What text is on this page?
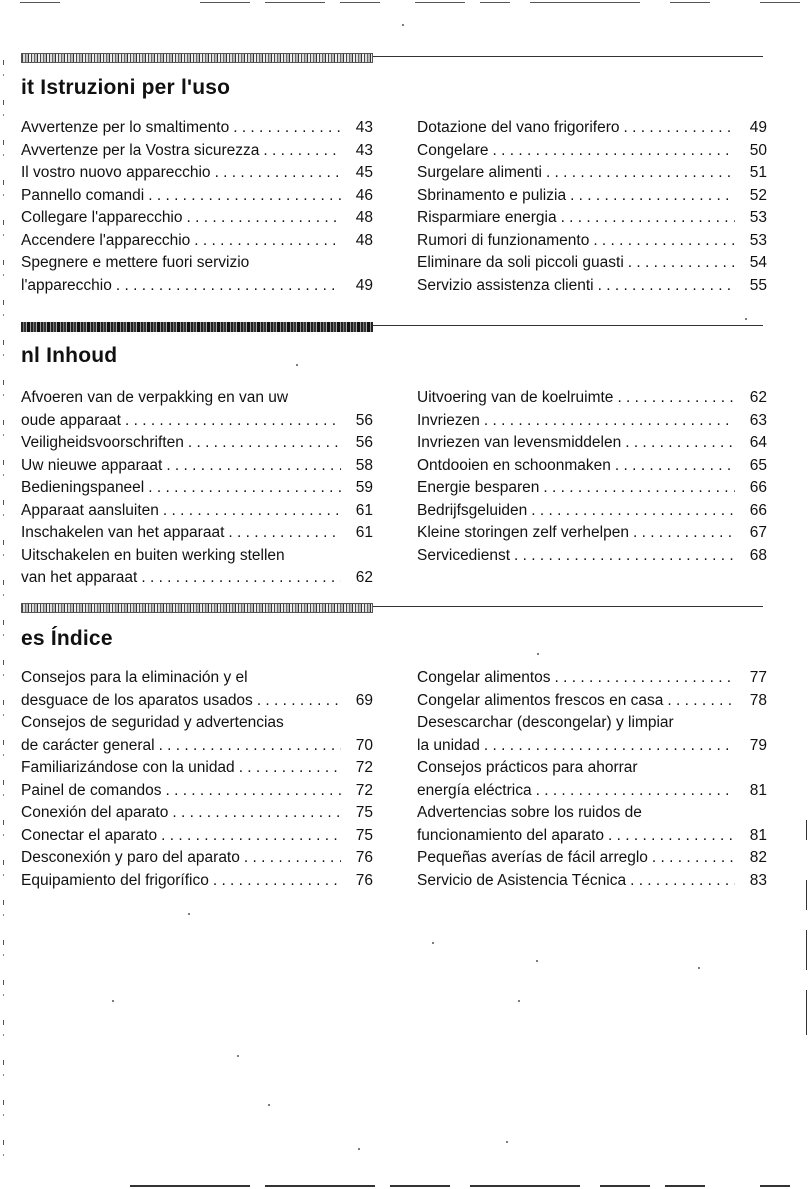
it Istruzioni per l'uso
Avvertenze per lo smaltimento . . .	43
Avvertenze per la Vostra sicurezza . . .	43
Il vostro nuovo apparecchio . . .	45
Pannello comandi . . .	46
Collegare l'apparecchio . . .	48
Accendere l'apparecchio . . .	48
Spegnere e mettere fuori servizio
l'apparecchio . . .	49
Dotazione del vano frigorifero . . .	49
Congelare . . .	50
Surgelare alimenti . . .	51
Sbrinamento e pulizia . . .	52
Risparmiare energia . . .	53
Rumori di funzionamento . . .	53
Eliminare da soli piccoli guasti . . .	54
Servizio assistenza clienti . . .	55
nl Inhoud
Afvoeren van de verpakking en van uw
oude apparaat . . .	56
Veiligheidsvoorschriften . . .	56
Uw nieuwe apparaat . . .	58
Bedieningspaneel . . .	59
Apparaat aansluiten . . .	61
Inschakelen van het apparaat . . .	61
Uitschakelen en buiten werking stellen
van het apparaat . . .	62
Uitvoering van de koelruimte . . .	62
Invriezen . . .	63
Invriezen van levensmiddelen . . .	64
Ontdooien en schoonmaken . . .	65
Energie besparen . . .	66
Bedrijfsgeluiden . . .	66
Kleine storingen zelf verhelpen . . .	67
Servicedienst . . .	68
es Índice
Consejos para la eliminación y el
desguace de los aparatos usados . . .	69
Consejos de seguridad y advertencias
de carácter general . . .	70
Familiarizándose con la unidad . . .	72
Painel de comandos . . .	72
Conexión del aparato . . .	75
Conectar el aparato . . .	75
Desconexión y paro del aparato . . .	76
Equipamiento del frigorífico . . .	76
Congelar alimentos . . .	77
Congelar alimentos frescos en casa . . .	78
Desescarchar (descongelar) y limpiar
la unidad . . .	79
Consejos prácticos para ahorrar
energía eléctrica . . .	81
Advertencias sobre los ruidos de
funcionamiento del aparato . . .	81
Pequeñas averías de fácil arreglo . . .	82
Servicio de Asistencia Técnica . . .	83
